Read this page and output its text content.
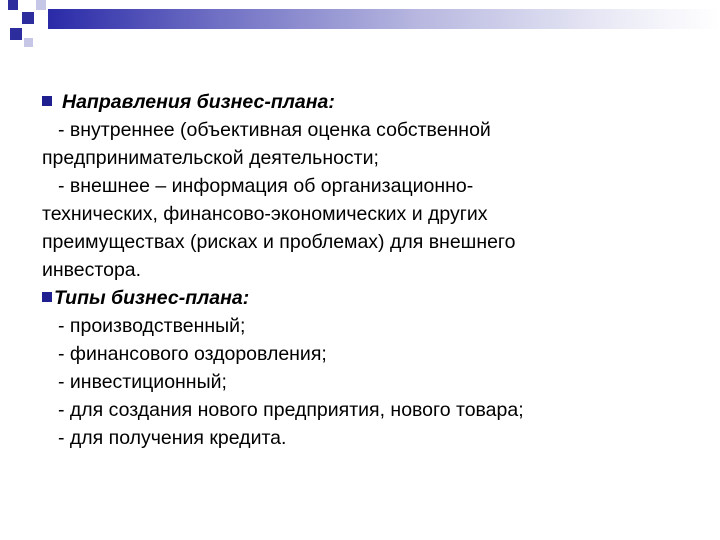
Направления бизнес-плана:
- внутреннее (объективная оценка собственной
предпринимательской деятельности;
- внешнее – информация об организационно-
технических, финансово-экономических и других
преимуществах (рисках и проблемах) для внешнего
инвестора.
Типы бизнес-плана:
- производственный;
- финансового оздоровления;
- инвестиционный;
- для создания нового предприятия, нового товара;
- для получения кредита.
